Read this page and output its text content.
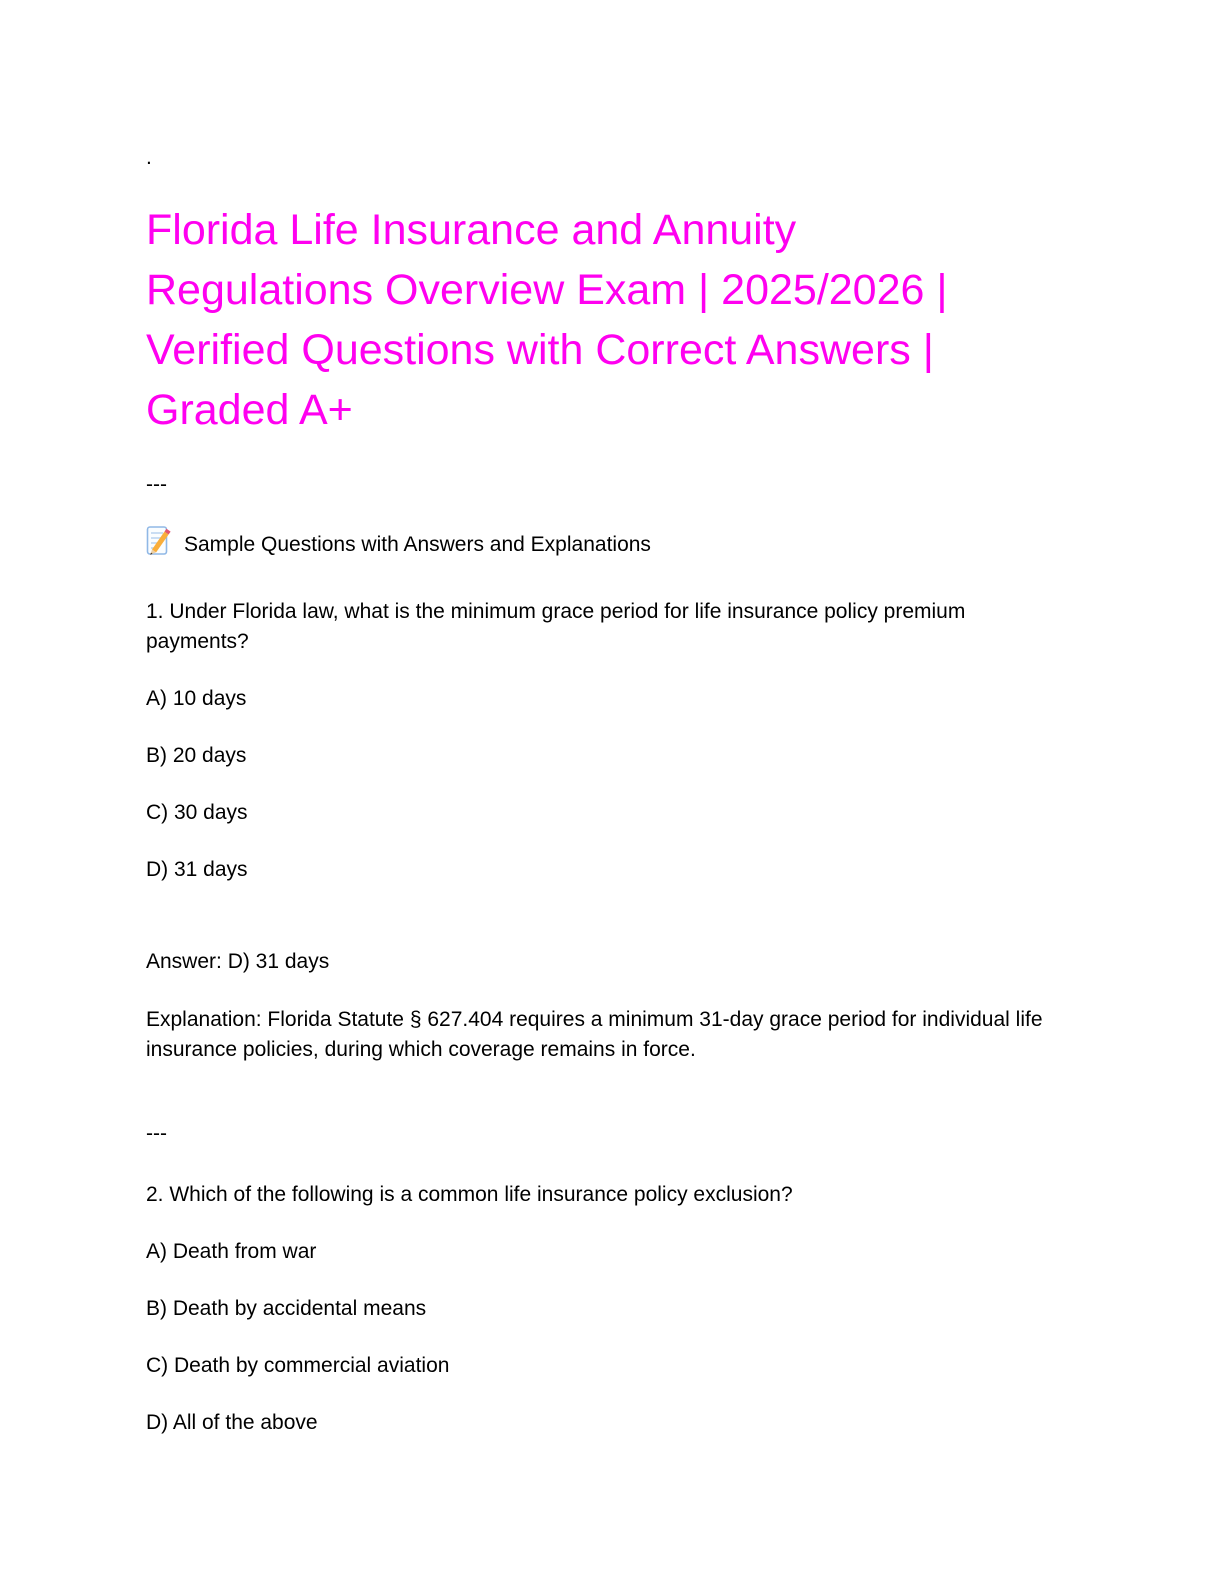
.
Florida Life Insurance and Annuity
Regulations Overview Exam | 2025/2026 |
Verified Questions with Correct Answers |
Graded A+
---
Sample Questions with Answers and Explanations
1. Under Florida law, what is the minimum grace period for life insurance policy premium payments?
A) 10 days
B) 20 days
C) 30 days
D) 31 days
Answer: D) 31 days
Explanation: Florida Statute § 627.404 requires a minimum 31-day grace period for individual life insurance policies, during which coverage remains in force.
---
2. Which of the following is a common life insurance policy exclusion?
A) Death from war
B) Death by accidental means
C) Death by commercial aviation
D) All of the above
